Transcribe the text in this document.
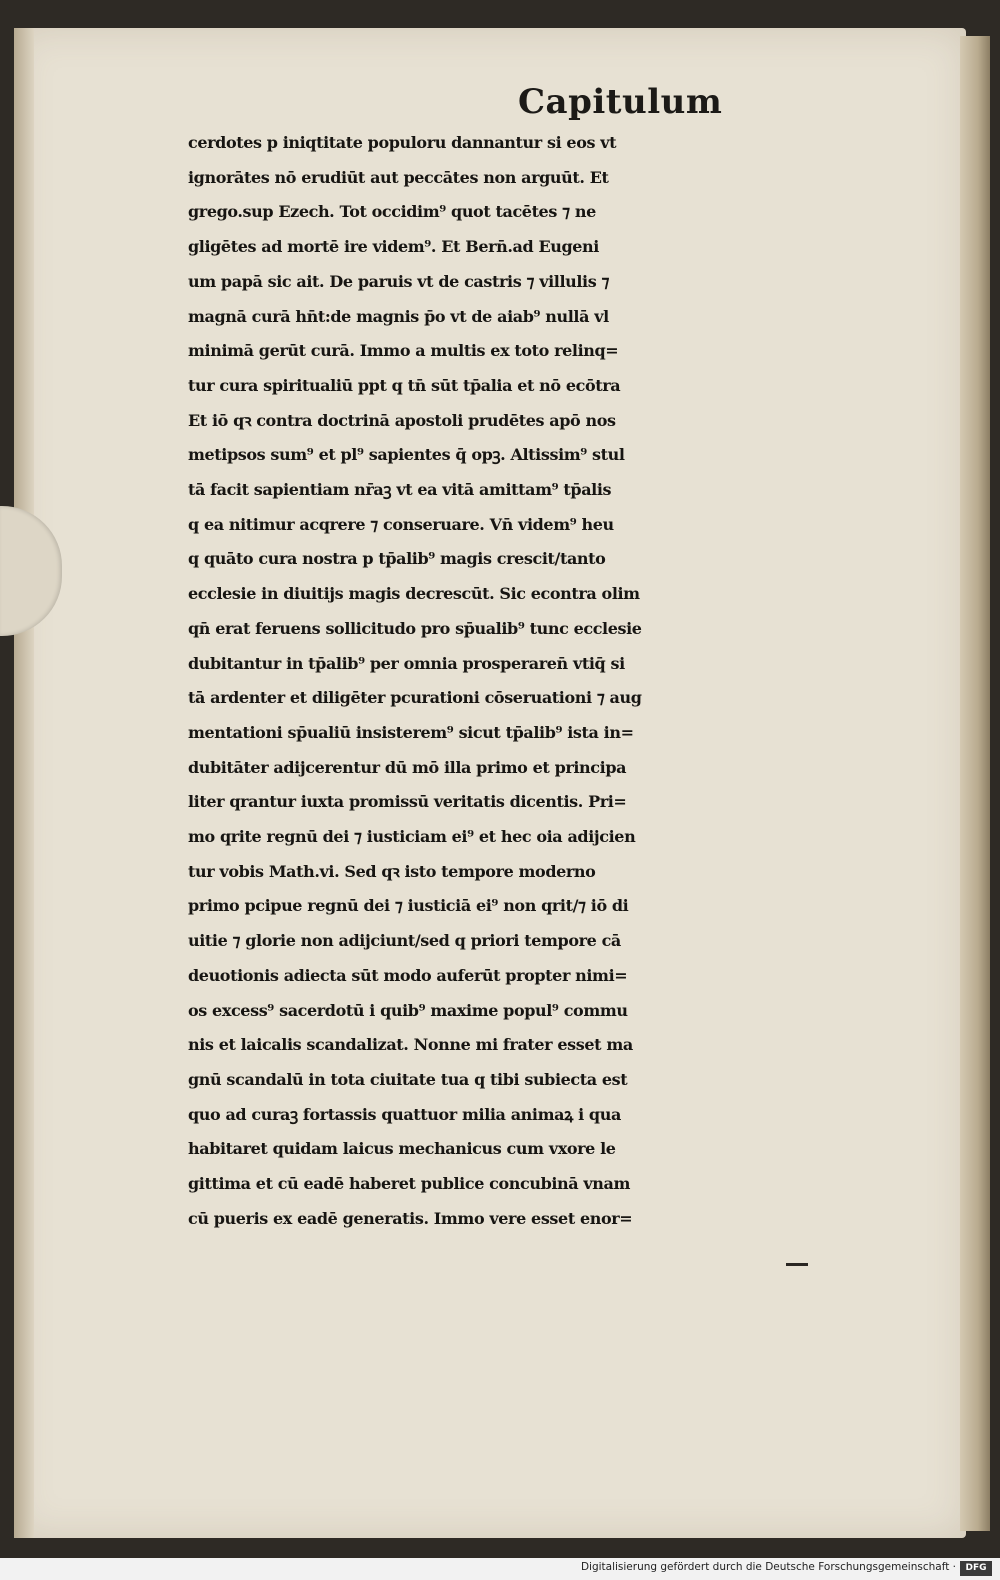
Capitulum
cerdotes p iniqtitate populoru dannantur si eos vt
ignorātes nō erudiūt aut peccātes non arguūt. Et
grego.sup Ezech. Tot occidim⁹ quot tacētes ⁊ ne
gligētes ad mortē ire videm⁹. Et Bern̄.ad Eugeni
um papā sic ait. De paruis vt de castris ⁊ villulis ⁊
magnā curā hn̄t:de magnis p̄o vt de aiab⁹ nullā vl
minimā gerūt curā. Immo a multis ex toto relinq=
tur cura spiritualiū ppt q tn̄ sūt tp̄alia et nō ecōtra
Et iō qꝛ contra doctrinā apostoli prudētes apō nos
metipsos sum⁹ et pl⁹ sapientes q̄ opꝫ. Altissim⁹ stul
tā facit sapientiam nr̄aꝫ vt ea vitā amittam⁹ tp̄alis
q ea nitimur acqrere ⁊ conseruare. Vn̄ videm⁹ heu
q quāto cura nostra p tp̄alib⁹ magis crescit/tanto
ecclesie in diuitijs magis decrescūt. Sic econtra olim
qn̄ erat feruens sollicitudo pro sp̄ualib⁹ tunc ecclesie
dubitantur in tp̄alib⁹ per omnia prosperaren̄ vtiq̄ si
tā ardenter et diligēter pcurationi cōseruationi ⁊ aug
mentationi sp̄ualiū insisterem⁹ sicut tp̄alib⁹ ista in=
dubitāter adijcerentur dū mō illa primo et principa
liter qrantur iuxta promissū veritatis dicentis. Pri=
mo qrite regnū dei ⁊ iusticiam ei⁹ et hec oia adijcien
tur vobis Math.vi. Sed qꝛ isto tempore moderno
primo pcipue regnū dei ⁊ iusticiā ei⁹ non qrit/⁊ iō di
uitie ⁊ glorie non adijciunt/sed q priori tempore cā
deuotionis adiecta sūt modo auferūt propter nimi=
os excess⁹ sacerdotū i quib⁹ maxime popul⁹ commu
nis et laicalis scandalizat. Nonne mi frater esset ma
gnū scandalū in tota ciuitate tua q tibi subiecta est
quo ad curaꝫ fortassis quattuor milia animaꝝ i qua
habitaret quidam laicus mechanicus cum vxore le
gittima et cū eadē haberet publice concubinā vnam
cū pueris ex eadē generatis. Immo vere esset enor=
Digitalisierung gefördert durch die Deutsche Forschungsgemeinschaft ·	DFG
